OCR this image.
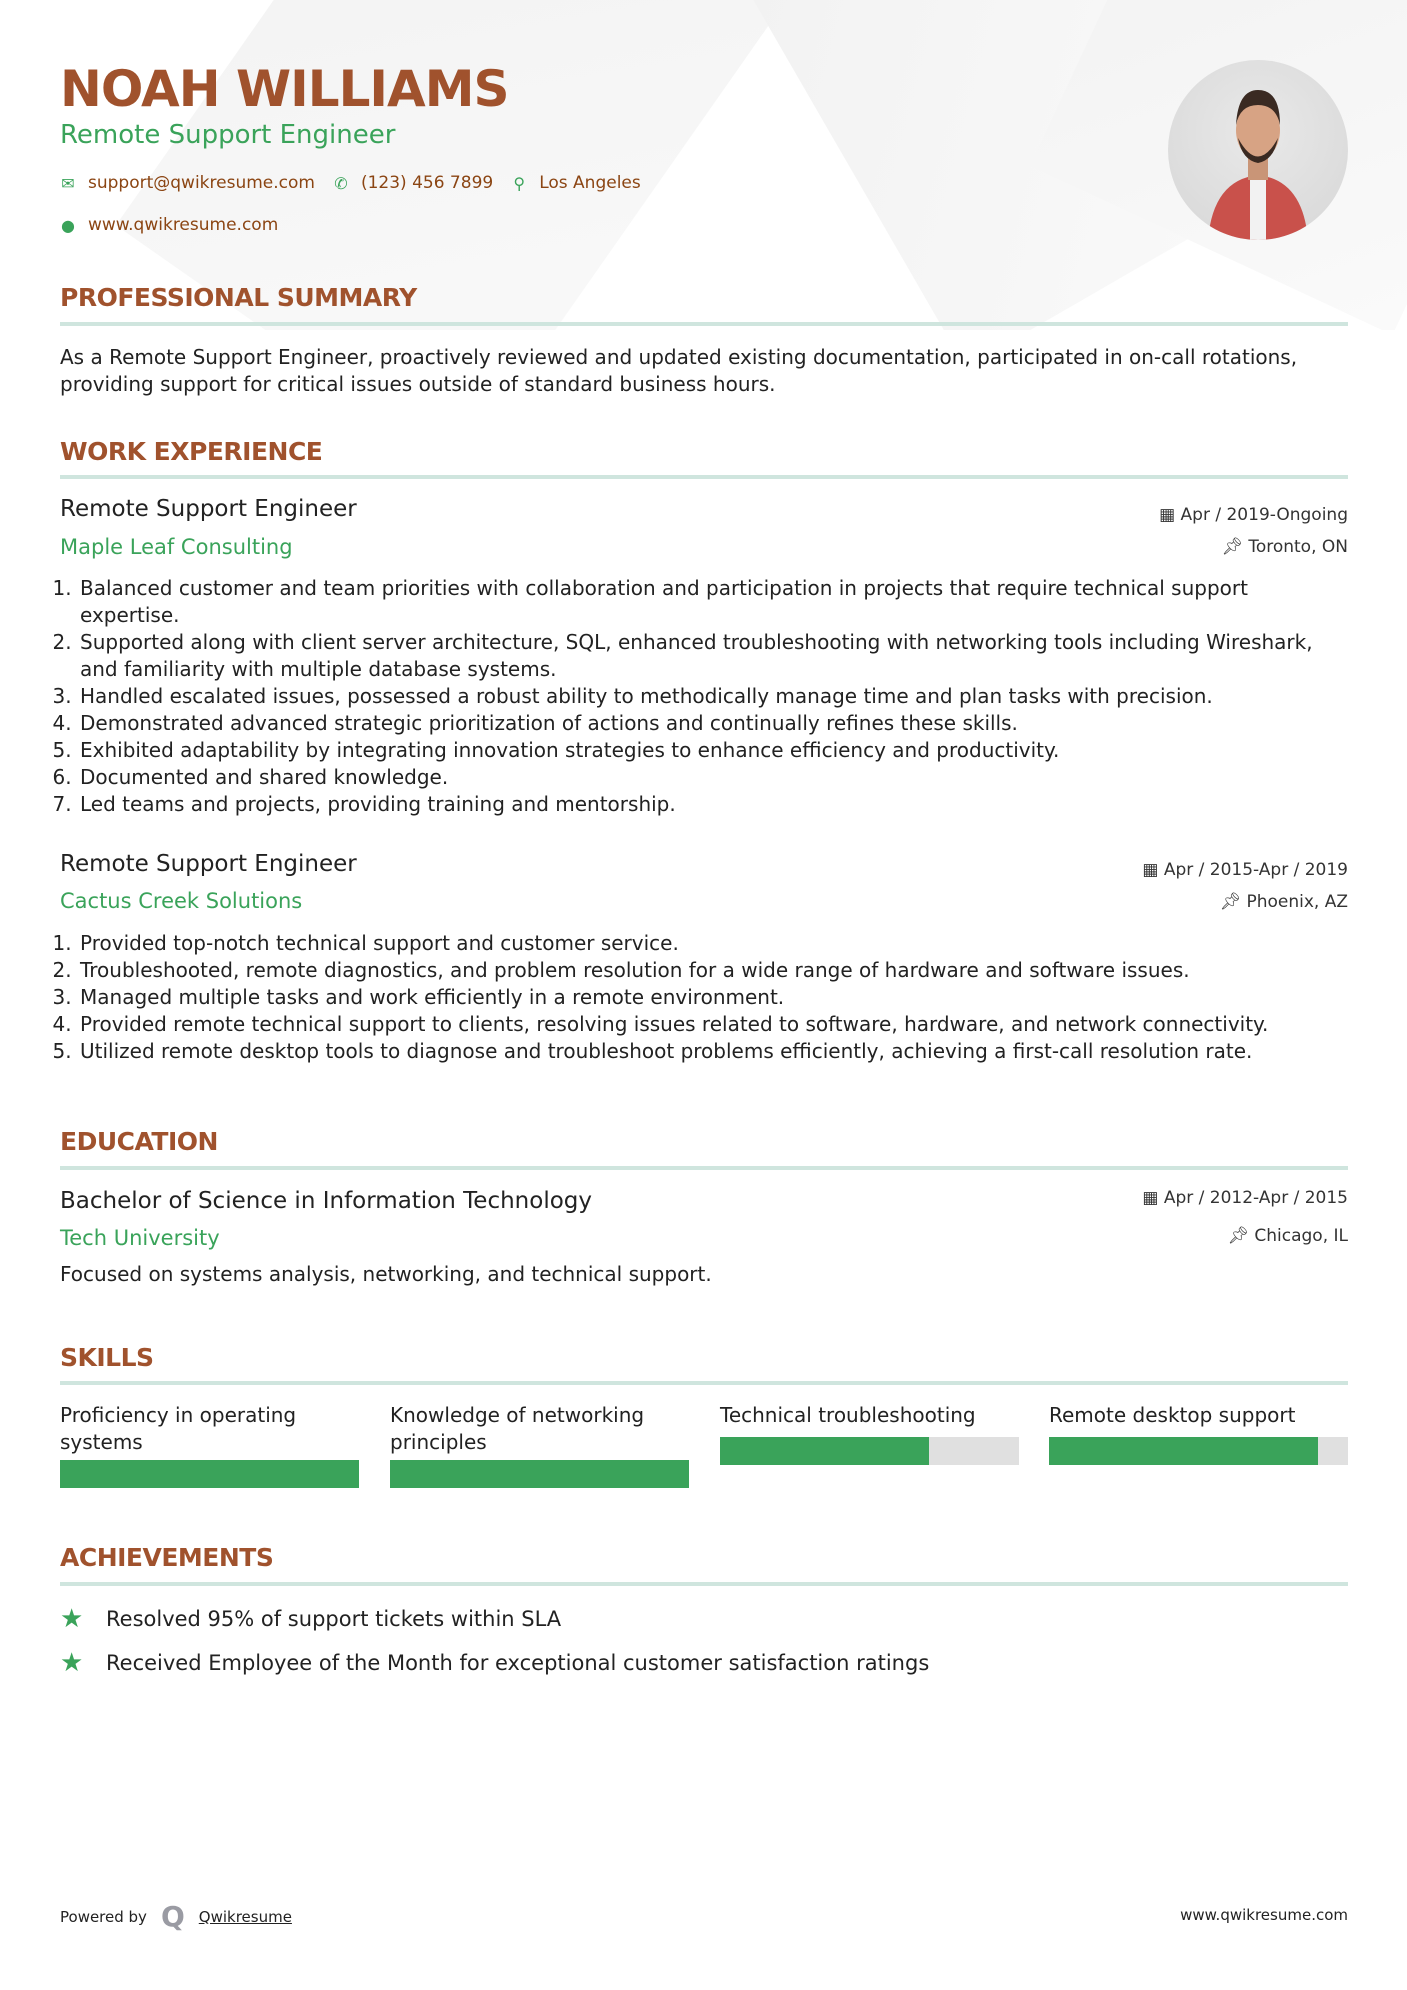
NOAH WILLIAMS
Remote Support Engineer
✉ support@qwikresume.com ✆ (123) 456 7899 ⚲ Los Angeles
● www.qwikresume.com
PROFESSIONAL SUMMARY
As a Remote Support Engineer, proactively reviewed and updated existing documentation, participated in on-call rotations, providing support for critical issues outside of standard business hours.
WORK EXPERIENCE
Remote Support Engineer
Maple Leaf Consulting
▦ Apr / 2019-Ongoing
📌︎ Toronto, ON
1. Balanced customer and team priorities with collaboration and participation in projects that require technical support expertise.
2. Supported along with client server architecture, SQL, enhanced troubleshooting with networking tools including Wireshark, and familiarity with multiple database systems.
3. Handled escalated issues, possessed a robust ability to methodically manage time and plan tasks with precision.
4. Demonstrated advanced strategic prioritization of actions and continually refines these skills.
5. Exhibited adaptability by integrating innovation strategies to enhance efficiency and productivity.
6. Documented and shared knowledge.
7. Led teams and projects, providing training and mentorship.
Remote Support Engineer
Cactus Creek Solutions
▦ Apr / 2015-Apr / 2019
📌︎ Phoenix, AZ
1. Provided top-notch technical support and customer service.
2. Troubleshooted, remote diagnostics, and problem resolution for a wide range of hardware and software issues.
3. Managed multiple tasks and work efficiently in a remote environment.
4. Provided remote technical support to clients, resolving issues related to software, hardware, and network connectivity.
5. Utilized remote desktop tools to diagnose and troubleshoot problems efficiently, achieving a first-call resolution rate.
EDUCATION
Bachelor of Science in Information Technology
Tech University
▦ Apr / 2012-Apr / 2015
📌︎ Chicago, IL
Focused on systems analysis, networking, and technical support.
SKILLS
Proficiency in operating systems
Knowledge of networking principles
Technical troubleshooting	Remote desktop support
ACHIEVEMENTS
★	Resolved 95% of support tickets within SLA
★	Received Employee of the Month for exceptional customer satisfaction ratings
Powered by Q Qwikresume	www.qwikresume.com
